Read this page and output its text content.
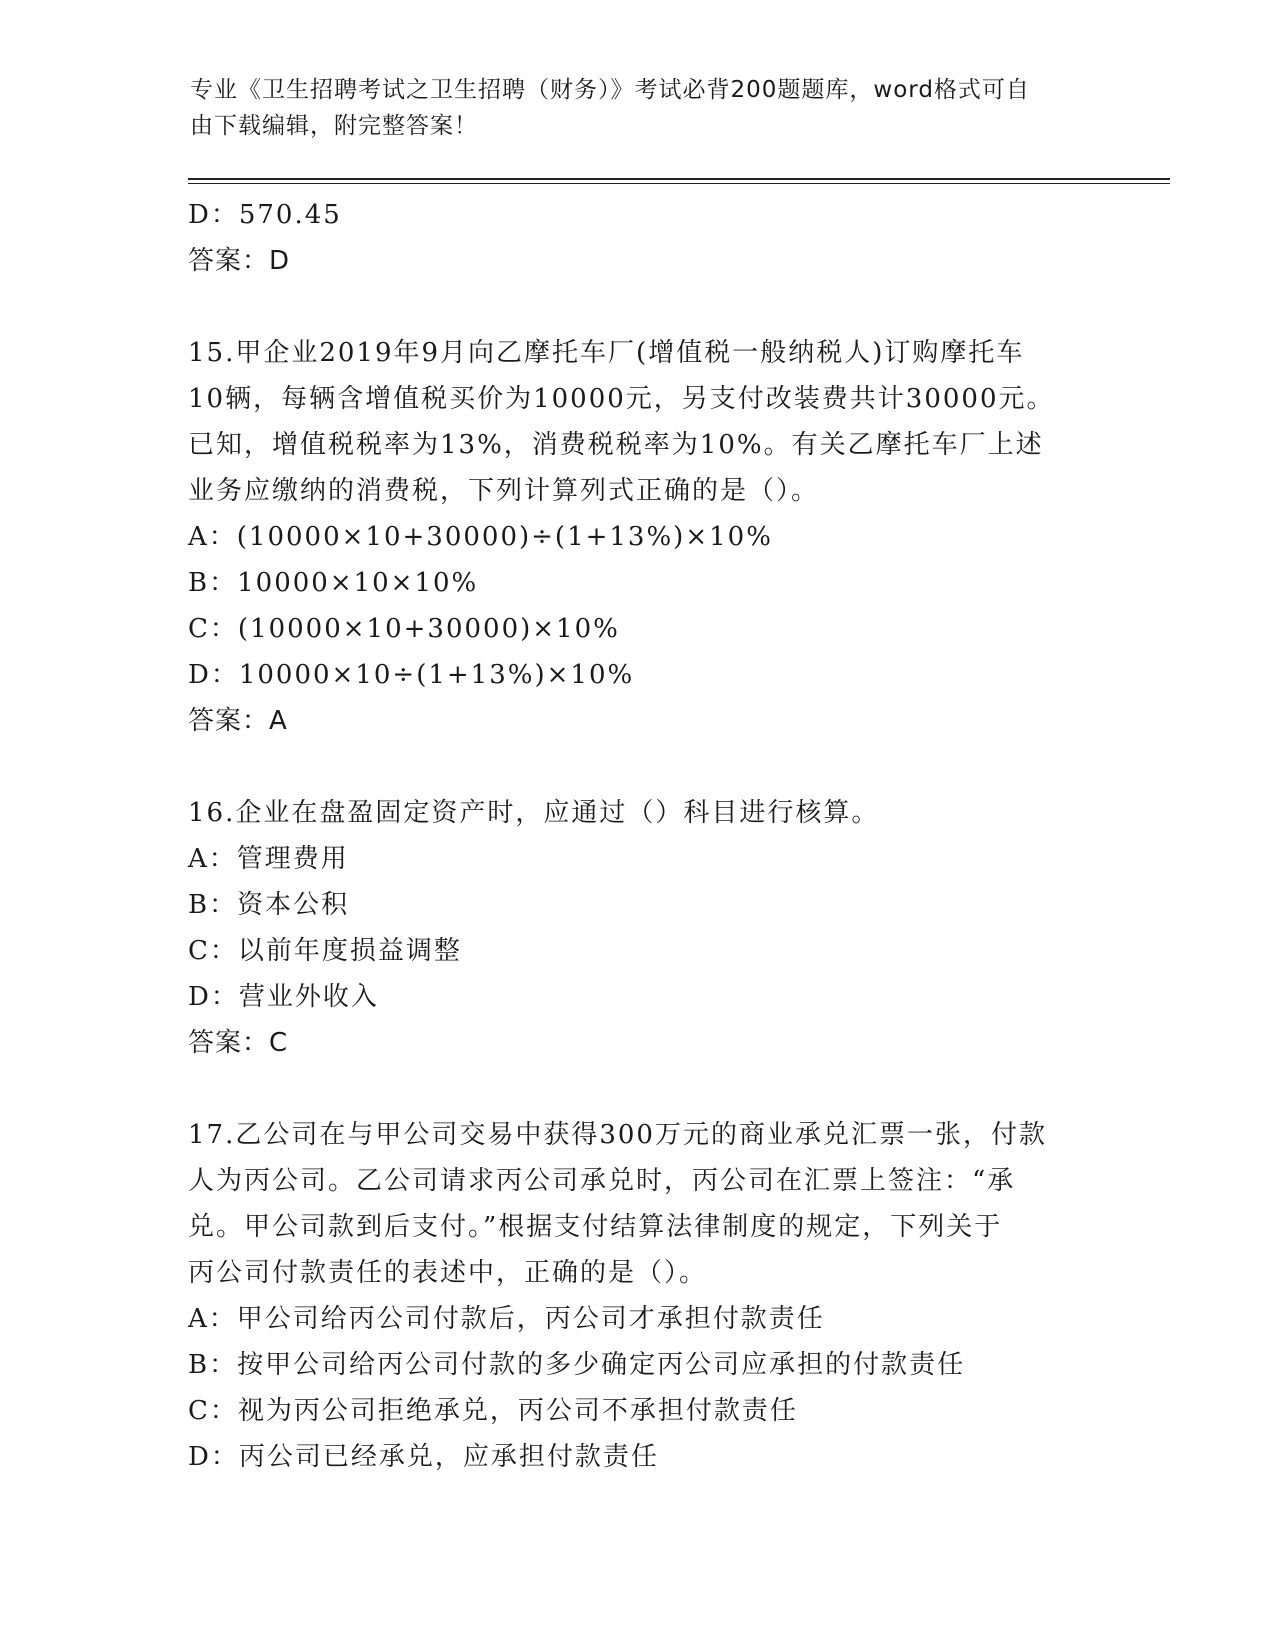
专业《卫生招聘考试之卫生招聘（财务）》考试必背200题题库，word格式可自
由下载编辑，附完整答案！
D：570.45
答案：D
15.甲企业2019年9月向乙摩托车厂(增值税一般纳税人)订购摩托车
10辆，每辆含增值税买价为10000元，另支付改装费共计30000元。
已知，增值税税率为13%，消费税税率为10%。有关乙摩托车厂上述
业务应缴纳的消费税，下列计算列式正确的是（）。
A：(10000×10+30000)÷(1+13%)×10%
B：10000×10×10%
C：(10000×10+30000)×10%
D：10000×10÷(1+13%)×10%
答案：A
16.企业在盘盈固定资产时，应通过（）科目进行核算。
A：管理费用
B：资本公积
C：以前年度损益调整
D：营业外收入
答案：C
17.乙公司在与甲公司交易中获得300万元的商业承兑汇票一张，付款
人为丙公司。乙公司请求丙公司承兑时，丙公司在汇票上签注：“承
兑。甲公司款到后支付。”根据支付结算法律制度的规定，下列关于
丙公司付款责任的表述中，正确的是（）。
A：甲公司给丙公司付款后，丙公司才承担付款责任
B：按甲公司给丙公司付款的多少确定丙公司应承担的付款责任
C：视为丙公司拒绝承兑，丙公司不承担付款责任
D：丙公司已经承兑，应承担付款责任
